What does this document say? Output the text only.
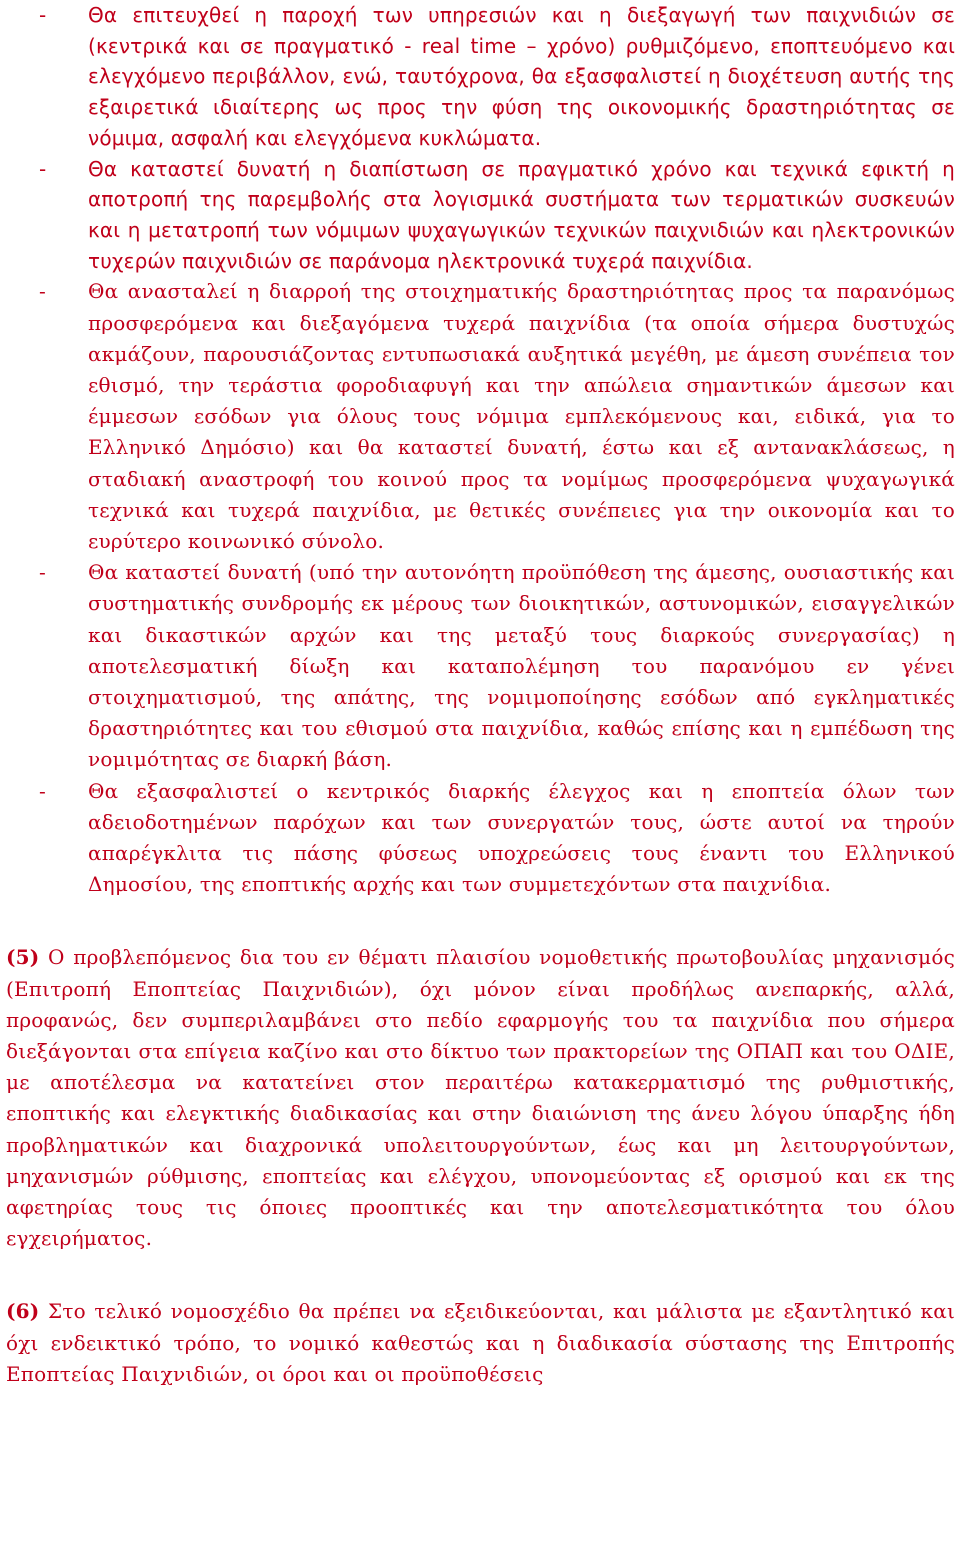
- Θα επιτευχθεί η παροχή των υπηρεσιών και η διεξαγωγή των παιχνιδιών σε (κεντρικά και σε πραγματικό - real time – χρόνο) ρυθμιζόμενο, εποπτευόμενο και ελεγχόμενο περιβάλλον, ενώ, ταυτόχρονα, θα εξασφαλιστεί η διοχέτευση αυτής της εξαιρετικά ιδιαίτερης ως προς την φύση της οικονομικής δραστηριότητας σε νόμιμα, ασφαλή και ελεγχόμενα κυκλώματα.
- Θα καταστεί δυνατή η διαπίστωση σε πραγματικό χρόνο και τεχνικά εφικτή η αποτροπή της παρεμβολής στα λογισμικά συστήματα των τερματικών συσκευών και η μετατροπή των νόμιμων ψυχαγωγικών τεχνικών παιχνιδιών και ηλεκτρονικών τυχερών παιχνιδιών σε παράνομα ηλεκτρονικά τυχερά παιχνίδια.
- Θα ανασταλεί η διαρροή της στοιχηματικής δραστηριότητας προς τα παρανόμως προσφερόμενα και διεξαγόμενα τυχερά παιχνίδια (τα οποία σήμερα δυστυχώς ακμάζουν, παρουσιάζοντας εντυπωσιακά αυξητικά μεγέθη, με άμεση συνέπεια τον εθισμό, την τεράστια φοροδιαφυγή και την απώλεια σημαντικών άμεσων και έμμεσων εσόδων για όλους τους νόμιμα εμπλεκόμενους και, ειδικά, για το Ελληνικό Δημόσιο) και θα καταστεί δυνατή, έστω και εξ αντανακλάσεως, η σταδιακή αναστροφή του κοινού προς τα νομίμως προσφερόμενα ψυχαγωγικά τεχνικά και τυχερά παιχνίδια, με θετικές συνέπειες για την οικονομία και το ευρύτερο κοινωνικό σύνολο.
- Θα καταστεί δυνατή (υπό την αυτονόητη προϋπόθεση της άμεσης, ουσιαστικής και συστηματικής συνδρομής εκ μέρους των διοικητικών, αστυνομικών, εισαγγελικών και δικαστικών αρχών και της μεταξύ τους διαρκούς συνεργασίας) η αποτελεσματική δίωξη και καταπολέμηση του παρανόμου εν γένει στοιχηματισμού, της απάτης, της νομιμοποίησης εσόδων από εγκληματικές δραστηριότητες και του εθισμού στα παιχνίδια, καθώς επίσης και η εμπέδωση της νομιμότητας σε διαρκή βάση.
- Θα εξασφαλιστεί ο κεντρικός διαρκής έλεγχος και η εποπτεία όλων των αδειοδοτημένων παρόχων και των συνεργατών τους, ώστε αυτοί να τηρούν απαρέγκλιτα τις πάσης φύσεως υποχρεώσεις τους έναντι του Ελληνικού Δημοσίου, της εποπτικής αρχής και των συμμετεχόντων στα παιχνίδια.

(5) Ο προβλεπόμενος δια του εν θέματι πλαισίου νομοθετικής πρωτοβουλίας μηχανισμός (Επιτροπή Εποπτείας Παιχνιδιών), όχι μόνον είναι προδήλως ανεπαρκής, αλλά, προφανώς, δεν συμπεριλαμβάνει στο πεδίο εφαρμογής του τα παιχνίδια που σήμερα διεξάγονται στα επίγεια καζίνο και στο δίκτυο των πρακτορείων της ΟΠΑΠ και του ΟΔΙΕ, με αποτέλεσμα να κατατείνει στον περαιτέρω κατακερματισμό της ρυθμιστικής, εποπτικής και ελεγκτικής διαδικασίας και στην διαιώνιση της άνευ λόγου ύπαρξης ήδη προβληματικών και διαχρονικά υπολειτουργούντων, έως και μη λειτουργούντων, μηχανισμών ρύθμισης, εποπτείας και ελέγχου, υπονομεύοντας εξ ορισμού και εκ της αφετηρίας τους τις όποιες προοπτικές και την αποτελεσματικότητα του όλου εγχειρήματος.

(6) Στο τελικό νομοσχέδιο θα πρέπει να εξειδικεύονται, και μάλιστα με εξαντλητικό και όχι ενδεικτικό τρόπο, το νομικό καθεστώς και η διαδικασία σύστασης της Επιτροπής Εποπτείας Παιχνιδιών, οι όροι και οι προϋποθέσεις
